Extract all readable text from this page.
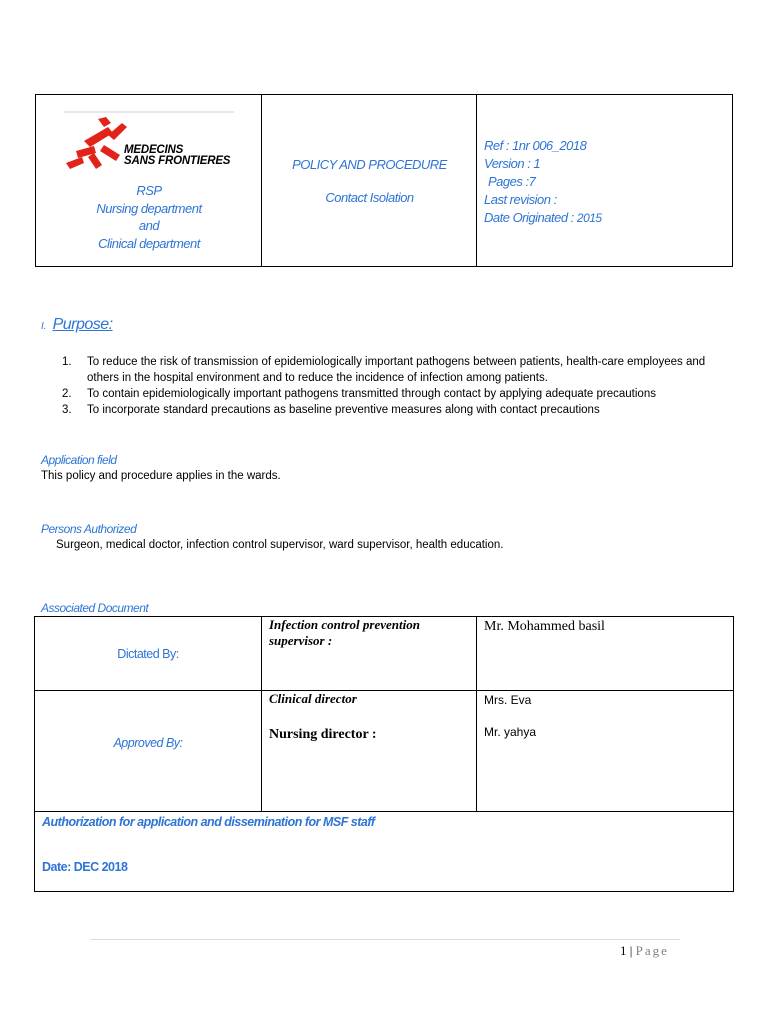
MEDECINS
SANS FRONTIERES
RSP
Nursing department
and
Clinical department
POLICY AND PROCEDURE
Contact Isolation
Ref : 1nr 006_2018
Version : 1
Pages :7
Last revision :
Date Originated : 2015
I. Purpose:
1. To reduce the risk of transmission of epidemiologically important pathogens between patients, health-care employees and others in the hospital environment and to reduce the incidence of infection among patients.
2. To contain epidemiologically important pathogens transmitted through contact by applying adequate precautions
3. To incorporate standard precautions as baseline preventive measures along with contact precautions
Application field
This policy and procedure applies in the wards.
Persons Authorized
Surgeon, medical doctor, infection control supervisor, ward supervisor, health education.
Associated Document
Dictated By:
Infection control prevention supervisor :
Mr. Mohammed basil
Approved By:
Clinical director	Mrs. Eva
Nursing director :	Mr. yahya
Authorization for application and dissemination for MSF staff
Date: DEC 2018
1 | Page
